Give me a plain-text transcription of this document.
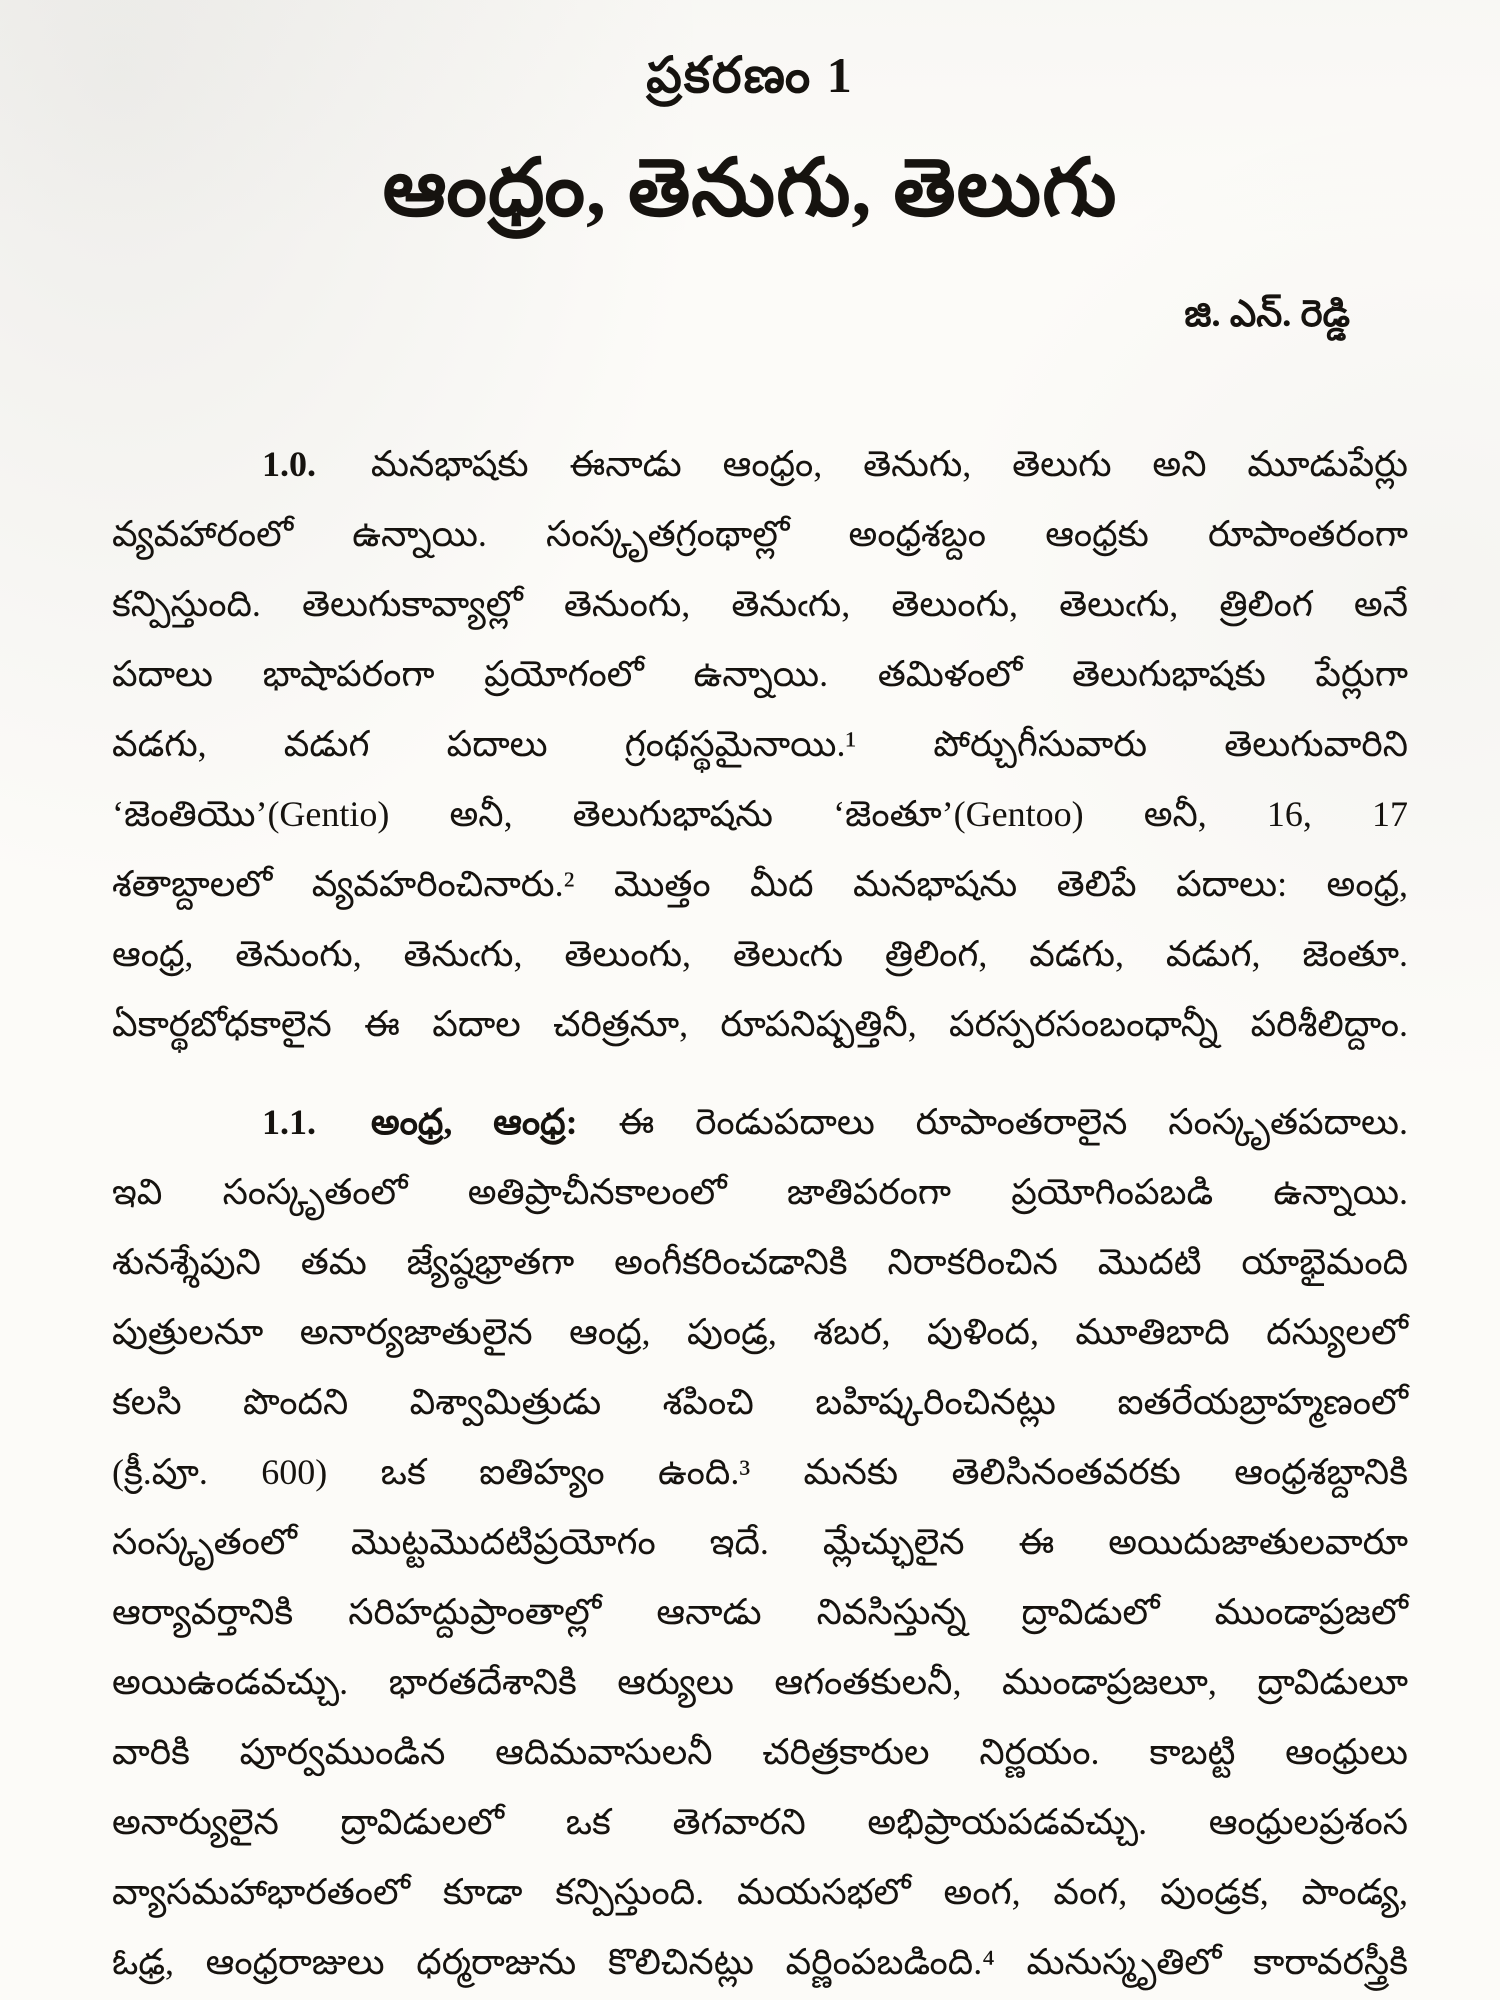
ప్రకరణం 1
ఆంధ్రం, తెనుగు, తెలుగు
జి. ఎన్. రెడ్డి
1.0. మనభాషకు ఈనాడు ఆంధ్రం, తెనుగు, తెలుగు అని మూడుపేర్లు
వ్యవహారంలో ఉన్నాయి. సంస్కృతగ్రంథాల్లో అంధ్రశబ్దం ఆంధ్రకు రూపాంతరంగా
కన్పిస్తుంది. తెలుగుకావ్యాల్లో తెనుంగు, తెనుఁగు, తెలుంగు, తెలుఁగు, త్రిలింగ అనే
పదాలు భాషాపరంగా ప్రయోగంలో ఉన్నాయి. తమిళంలో తెలుగుభాషకు పేర్లుగా
వడగు, వడుగ పదాలు గ్రంథస్థమైనాయి.¹ పోర్చుగీసువారు తెలుగువారిని
‘జెంతియొ’(Gentio) అనీ, తెలుగుభాషను ‘జెంతూ’(Gentoo) అనీ, 16, 17
శతాబ్దాలలో వ్యవహరించినారు.² మొత్తం మీద మనభాషను తెలిపే పదాలు: అంధ్ర,
ఆంధ్ర, తెనుంగు, తెనుఁగు, తెలుంగు, తెలుఁగు త్రిలింగ, వడగు, వడుగ, జెంతూ.
ఏకార్థబోధకాలైన ఈ పదాల చరిత్రనూ, రూపనిష్పత్తినీ, పరస్పరసంబంధాన్నీ పరిశీలిద్దాం.
1.1. అంధ్ర, ఆంధ్ర: ఈ రెండుపదాలు రూపాంతరాలైన సంస్కృతపదాలు.
ఇవి సంస్కృతంలో అతిప్రాచీనకాలంలో జాతిపరంగా ప్రయోగింపబడి ఉన్నాయి.
శునశ్శేపుని తమ జ్యేష్ఠభ్రాతగా అంగీకరించడానికి నిరాకరించిన మొదటి యాభైమంది
పుత్రులనూ అనార్యజాతులైన ఆంధ్ర, పుండ్ర, శబర, పుళింద, మూతిబాది దస్యులలో
కలసి పొందని విశ్వామిత్రుడు శపించి బహిష్కరించినట్లు ఐతరేయబ్రాహ్మణంలో
(క్రీ.పూ. 600) ఒక ఐతిహ్యం ఉంది.³ మనకు తెలిసినంతవరకు ఆంధ్రశబ్దానికి
సంస్కృతంలో మొట్టమొదటిప్రయోగం ఇదే. మ్లేచ్ఛులైన ఈ అయిదుజాతులవారూ
ఆర్యావర్తానికి సరిహద్దుప్రాంతాల్లో ఆనాడు నివసిస్తున్న ద్రావిడులో ముండాప్రజలో
అయిఉండవచ్చు. భారతదేశానికి ఆర్యులు ఆగంతకులనీ, ముండాప్రజలూ, ద్రావిడులూ
వారికి పూర్వముండిన ఆదిమవాసులనీ చరిత్రకారుల నిర్ణయం. కాబట్టి ఆంధ్రులు
అనార్యులైన ద్రావిడులలో ఒక తెగవారని అభిప్రాయపడవచ్చు. ఆంధ్రులప్రశంస
వ్యాసమహాభారతంలో కూడా కన్పిస్తుంది. మయసభలో అంగ, వంగ, పుండ్రక, పాండ్య,
ఓఢ్ర, ఆంధ్రరాజులు ధర్మరాజును కొలిచినట్లు వర్ణింపబడింది.⁴ మనుస్మృతిలో కారావరస్త్రీకి
